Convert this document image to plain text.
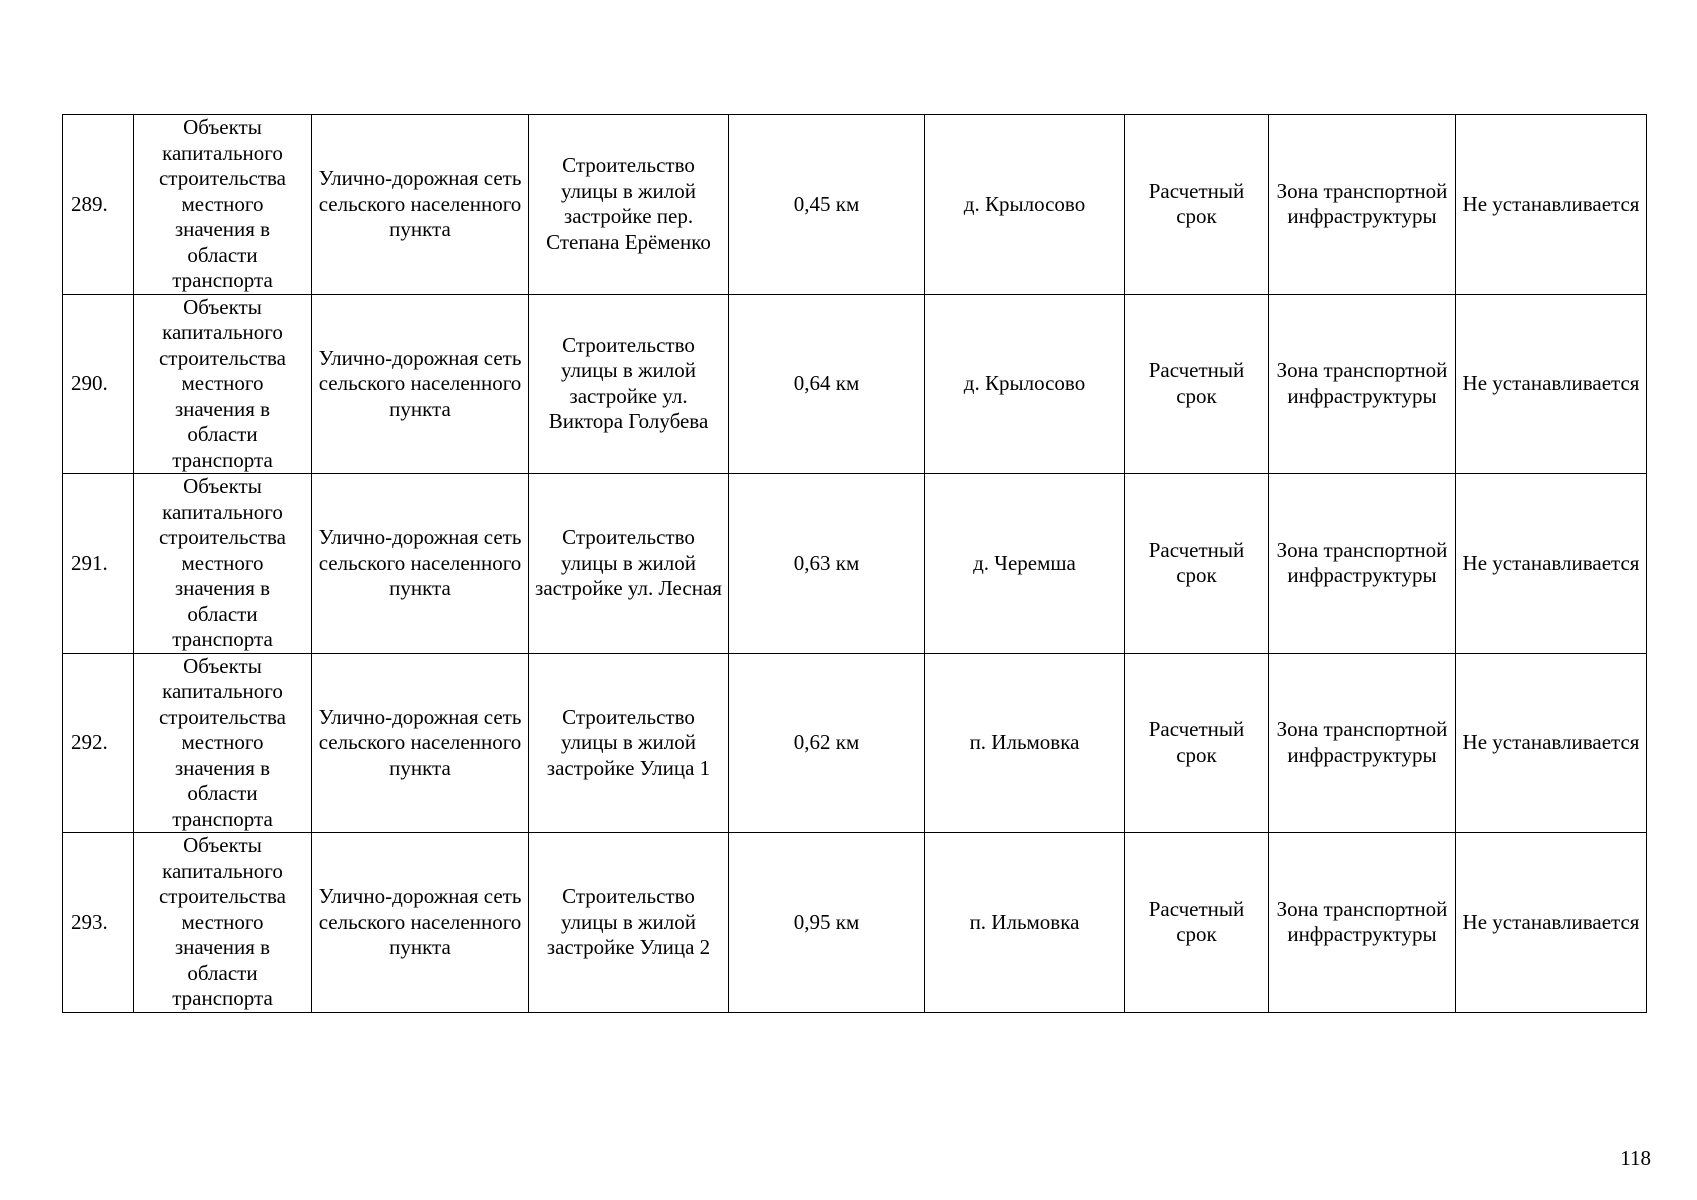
289.	Объекты капитального строительства местного значения в области транспорта	Улично-дорожная сеть сельского населенного пункта	Строительство улицы в жилой застройке пер. Степана Ерёменко	0,45 км	д. Крылосово	Расчетный срок	Зона транспортной инфраструктуры	Не устанавливается

290.	Объекты капитального строительства местного значения в области транспорта	Улично-дорожная сеть сельского населенного пункта	Строительство улицы в жилой застройке ул. Виктора Голубева	0,64 км	д. Крылосово	Расчетный срок	Зона транспортной инфраструктуры	Не устанавливается

291.	Объекты капитального строительства местного значения в области транспорта	Улично-дорожная сеть сельского населенного пункта	Строительство улицы в жилой застройке ул. Лесная	0,63 км	д. Черемша	Расчетный срок	Зона транспортной инфраструктуры	Не устанавливается

292.	Объекты капитального строительства местного значения в области транспорта	Улично-дорожная сеть сельского населенного пункта	Строительство улицы в жилой застройке Улица 1	0,62 км	п. Ильмовка	Расчетный срок	Зона транспортной инфраструктуры	Не устанавливается

293.	Объекты капитального строительства местного значения в области транспорта	Улично-дорожная сеть сельского населенного пункта	Строительство улицы в жилой застройке Улица 2	0,95 км	п. Ильмовка	Расчетный срок	Зона транспортной инфраструктуры	Не устанавливается
118
